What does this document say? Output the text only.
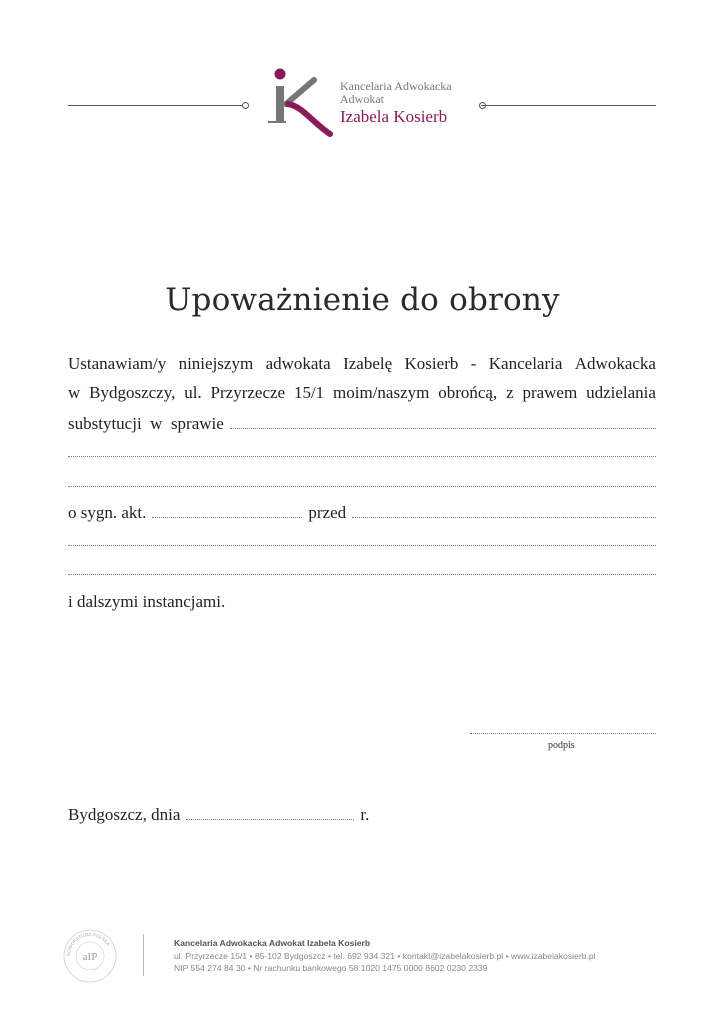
iK
Kancelaria Adwokacka
Adwokat
Izabela Kosierb
Upoważnienie do obrony
Ustanawiam/y niniejszym adwokata Izabelę Kosierb - Kancelaria Adwokacka
w Bydgoszczy, ul. Przyrzecze 15/1 moim/naszym obrońcą, z prawem udzielania
substytucji  w  sprawie
o sygn. akt.	przed
i dalszymi instancjami.
podpis
Bydgoszcz, dnia	r.
ADWOKATURA POLSKA
aIP
Kancelaria Adwokacka Adwokat Izabela Kosierb
ul. Przyrzecze 15/1 • 85-102 Bydgoszcz • tel. 692 934 321 • kontakt@izabelakosierb.pl • www.izabelakosierb.pl
NIP 554 274 84 30 • Nr rachunku bankowego 58 1020 1475 0000 8602 0230 2339
